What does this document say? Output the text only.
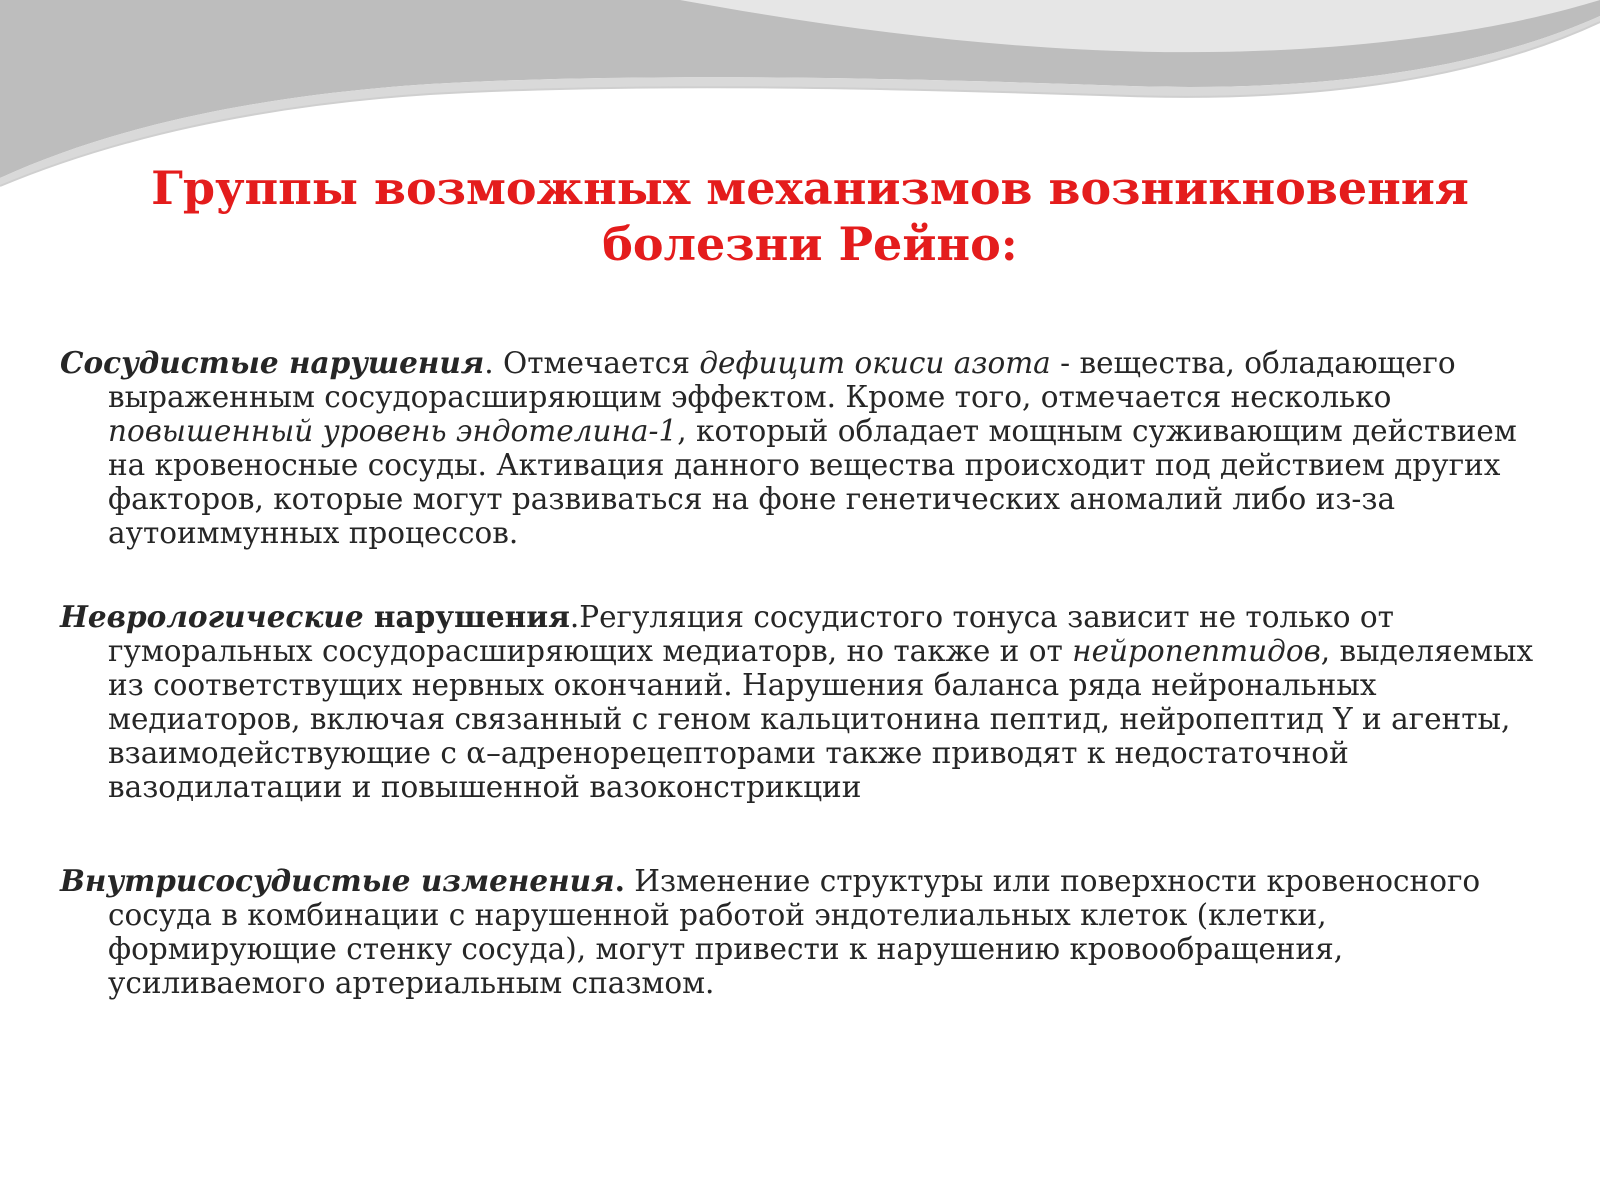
Группы возможных механизмов возникновения
болезни Рейно:

Сосудистые нарушения. Отмечается дефицит окиси азота - вещества, обладающего выраженным сосудорасширяющим эффектом. Кроме того, отмечается несколько повышенный уровень эндотелина-1, который обладает мощным суживающим действием на кровеносные сосуды. Активация данного вещества происходит под действием других факторов, которые могут развиваться на фоне генетических аномалий либо из-за аутоиммунных процессов.

Неврологические нарушения.Регуляция сосудистого тонуса зависит не только от гуморальных сосудорасширяющих медиаторв, но также и от нейропептидов, выделяемых из соответствущих нервных окончаний. Нарушения баланса ряда нейрональных медиаторов, включая связанный с геном кальцитонина пептид, нейропептид Y и агенты, взаимодействующие с α–адренорецепторами также приводят к недостаточной вазодилатации и повышенной вазоконстрикции

Внутрисосудистые изменения. Изменение структуры или поверхности кровеносного сосуда в комбинации с нарушенной работой эндотелиальных клеток (клетки, формирующие стенку сосуда), могут привести к нарушению кровообращения, усиливаемого артериальным спазмом.
